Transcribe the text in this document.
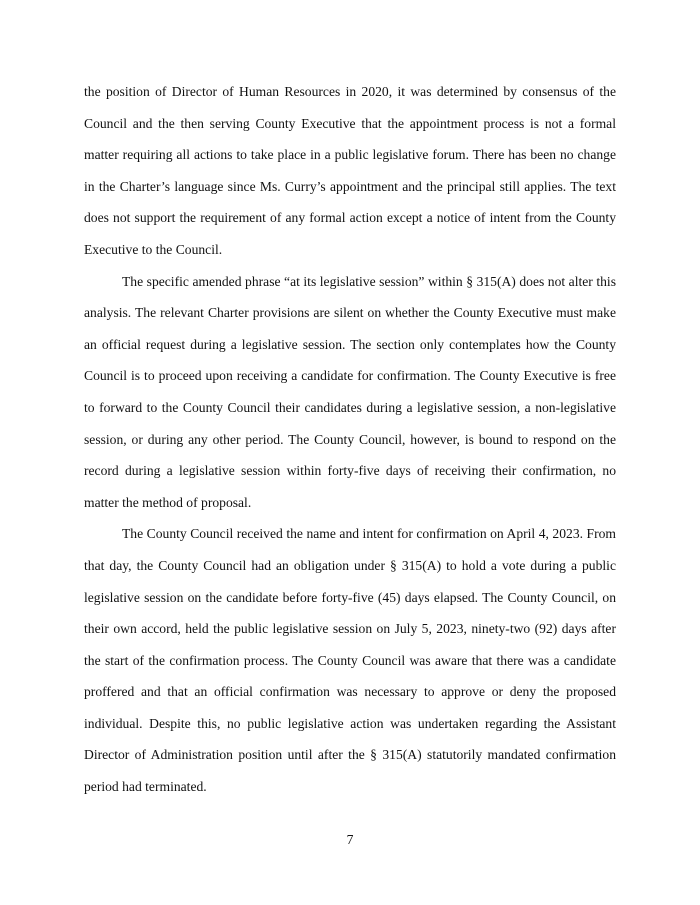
the position of Director of Human Resources in 2020, it was determined by consensus of the Council and the then serving County Executive that the appointment process is not a formal matter requiring all actions to take place in a public legislative forum. There has been no change in the Charter’s language since Ms. Curry’s appointment and the principal still applies. The text does not support the requirement of any formal action except a notice of intent from the County Executive to the Council.

The specific amended phrase “at its legislative session” within § 315(A) does not alter this analysis. The relevant Charter provisions are silent on whether the County Executive must make an official request during a legislative session. The section only contemplates how the County Council is to proceed upon receiving a candidate for confirmation. The County Executive is free to forward to the County Council their candidates during a legislative session, a non-legislative session, or during any other period. The County Council, however, is bound to respond on the record during a legislative session within forty-five days of receiving their confirmation, no matter the method of proposal.

The County Council received the name and intent for confirmation on April 4, 2023. From that day, the County Council had an obligation under § 315(A) to hold a vote during a public legislative session on the candidate before forty-five (45) days elapsed. The County Council, on their own accord, held the public legislative session on July 5, 2023, ninety-two (92) days after the start of the confirmation process. The County Council was aware that there was a candidate proffered and that an official confirmation was necessary to approve or deny the proposed individual. Despite this, no public legislative action was undertaken regarding the Assistant Director of Administration position until after the § 315(A) statutorily mandated confirmation period had terminated.

7
